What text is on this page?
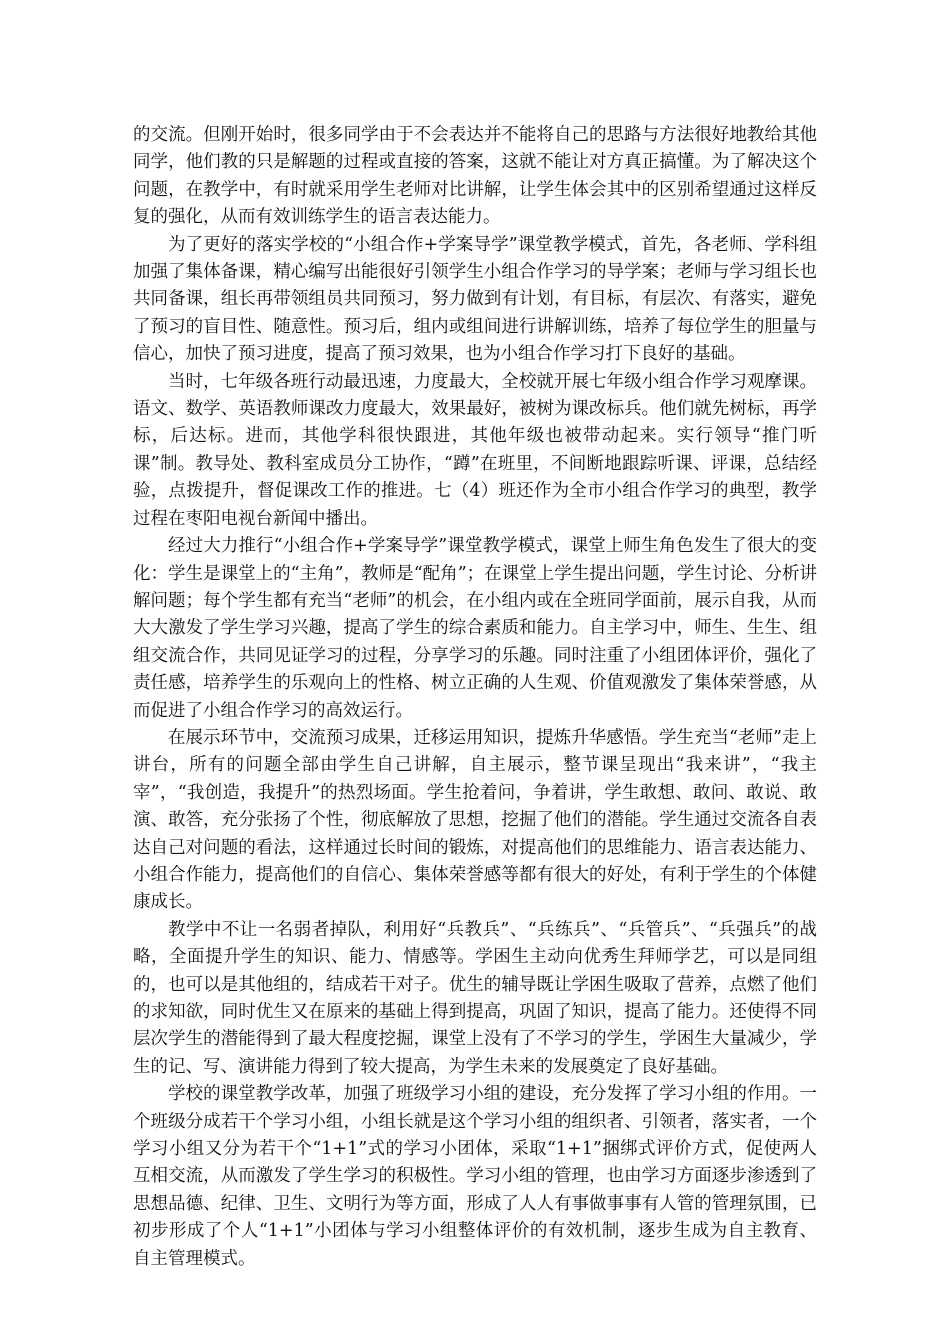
的交流。但刚开始时，很多同学由于不会表达并不能将自己的思路与方法很好地教给其他同学，他们教的只是解题的过程或直接的答案，这就不能让对方真正搞懂。为了解决这个问题，在教学中，有时就采用学生老师对比讲解，让学生体会其中的区别希望通过这样反复的强化，从而有效训练学生的语言表达能力。

为了更好的落实学校的“小组合作+学案导学”课堂教学模式，首先，各老师、学科组加强了集体备课，精心编写出能很好引领学生小组合作学习的导学案；老师与学习组长也共同备课，组长再带领组员共同预习，努力做到有计划，有目标，有层次、有落实，避免了预习的盲目性、随意性。预习后，组内或组间进行讲解训练，培养了每位学生的胆量与信心，加快了预习进度，提高了预习效果，也为小组合作学习打下良好的基础。

当时，七年级各班行动最迅速，力度最大，全校就开展七年级小组合作学习观摩课。语文、数学、英语教师课改力度最大，效果最好，被树为课改标兵。他们就先树标，再学标，后达标。进而，其他学科很快跟进，其他年级也被带动起来。实行领导“推门听课”制。教导处、教科室成员分工协作，“蹲”在班里，不间断地跟踪听课、评课，总结经验，点拨提升，督促课改工作的推进。七（4）班还作为全市小组合作学习的典型，教学过程在枣阳电视台新闻中播出。

经过大力推行“小组合作+学案导学”课堂教学模式，课堂上师生角色发生了很大的变化：学生是课堂上的“主角”，教师是“配角”；在课堂上学生提出问题，学生讨论、分析讲解问题；每个学生都有充当“老师”的机会，在小组内或在全班同学面前，展示自我，从而大大激发了学生学习兴趣，提高了学生的综合素质和能力。自主学习中，师生、生生、组组交流合作，共同见证学习的过程，分享学习的乐趣。同时注重了小组团体评价，强化了责任感，培养学生的乐观向上的性格、树立正确的人生观、价值观激发了集体荣誉感，从而促进了小组合作学习的高效运行。

在展示环节中，交流预习成果，迁移运用知识，提炼升华感悟。学生充当“老师”走上讲台，所有的问题全部由学生自己讲解，自主展示，整节课呈现出“我来讲”，“我主宰”，“我创造，我提升”的热烈场面。学生抢着问，争着讲，学生敢想、敢问、敢说、敢演、敢答，充分张扬了个性，彻底解放了思想，挖掘了他们的潜能。学生通过交流各自表达自己对问题的看法，这样通过长时间的锻炼，对提高他们的思维能力、语言表达能力、小组合作能力，提高他们的自信心、集体荣誉感等都有很大的好处，有利于学生的个体健康成长。

教学中不让一名弱者掉队，利用好“兵教兵”、“兵练兵”、“兵管兵”、“兵强兵”的战略，全面提升学生的知识、能力、情感等。学困生主动向优秀生拜师学艺，可以是同组的，也可以是其他组的，结成若干对子。优生的辅导既让学困生吸取了营养，点燃了他们的求知欲，同时优生又在原来的基础上得到提高，巩固了知识，提高了能力。还使得不同层次学生的潜能得到了最大程度挖掘，课堂上没有了不学习的学生，学困生大量减少，学生的记、写、演讲能力得到了较大提高，为学生未来的发展奠定了良好基础。

学校的课堂教学改革，加强了班级学习小组的建设，充分发挥了学习小组的作用。一个班级分成若干个学习小组，小组长就是这个学习小组的组织者、引领者，落实者，一个学习小组又分为若干个“1+1”式的学习小团体，采取“1+1”捆绑式评价方式，促使两人互相交流，从而激发了学生学习的积极性。学习小组的管理，也由学习方面逐步渗透到了思想品德、纪律、卫生、文明行为等方面，形成了人人有事做事事有人管的管理氛围，已初步形成了个人“1+1”小团体与学习小组整体评价的有效机制，逐步生成为自主教育、自主管理模式。
